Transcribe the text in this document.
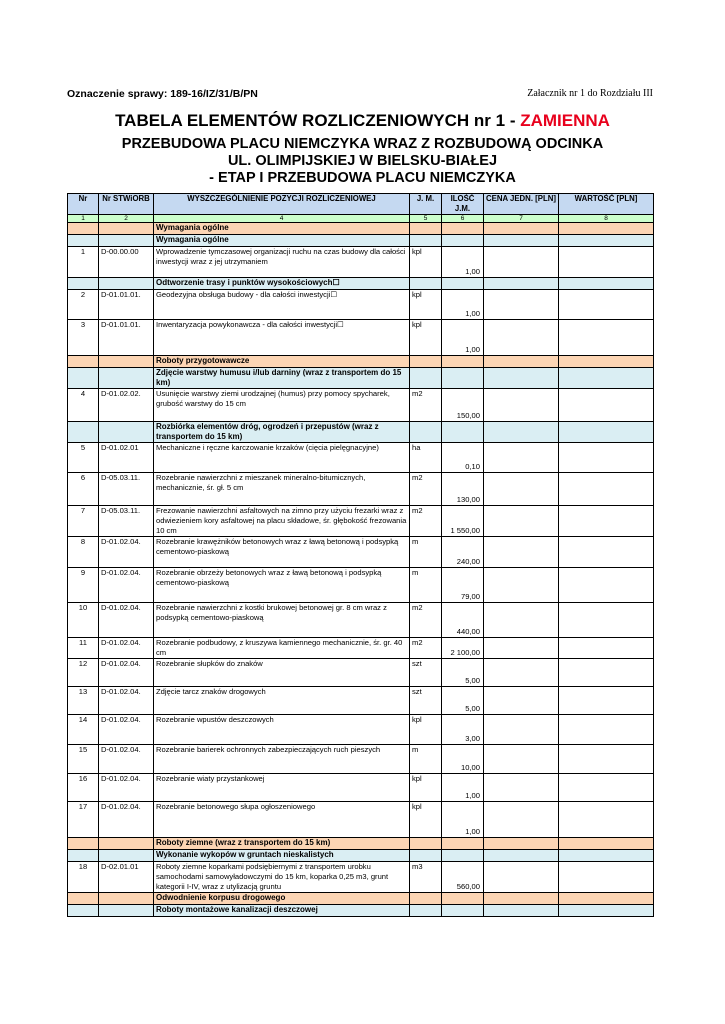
Oznaczenie sprawy: 189-16/IZ/31/B/PN	Załacznik nr 1 do Rozdziału III
TABELA ELEMENTÓW ROZLICZENIOWYCH nr 1 - ZAMIENNA
PRZEBUDOWA PLACU NIEMCZYKA WRAZ Z ROZBUDOWĄ ODCINKA
UL. OLIMPIJSKIEJ W BIELSKU-BIAŁEJ
- ETAP I PRZEBUDOWA PLACU NIEMCZYKA
Nr	Nr STWiORB	WYSZCZEGÓLNIENIE POZYCJI ROZLICZENIOWEJ	J. M.	ILOŚĆ J.M.	CENA JEDN. [PLN]	WARTOŚĆ [PLN]
1	2	4	5	6	7	8
		Wymagania ogólne				
		Wymagania ogólne				
1	D-00.00.00	Wprowadzenie tymczasowej organizacji ruchu na czas budowy dla całości inwestycji wraz z jej utrzymaniem	kpl	1,00		
		Odtworzenie trasy i punktów wysokościowych☐				
2	D-01.01.01.	Geodezyjna obsługa budowy - dla całości inwestycji☐	kpl	1,00		
3	D-01.01.01.	Inwentaryzacja powykonawcza - dla całości inwestycji☐	kpl	1,00		
		Roboty przygotowawcze				
		Zdjęcie warstwy humusu i/lub darniny (wraz z transportem do 15 km)				
4	D-01.02.02.	Usunięcie warstwy ziemi urodzajnej (humus) przy pomocy spycharek, grubość warstwy do 15 cm	m2	150,00		
		Rozbiórka elementów dróg, ogrodzeń i przepustów (wraz z transportem do 15 km)				
5	D-01.02.01	Mechaniczne i ręczne karczowanie krzaków (cięcia pielęgnacyjne)	ha	0,10		
6	D-05.03.11.	Rozebranie nawierzchni z mieszanek mineralno-bitumicznych, mechanicznie, śr. gł. 5 cm	m2	130,00		
7	D-05.03.11.	Frezowanie nawierzchni asfaltowych na zimno przy użyciu frezarki wraz z odwiezieniem kory asfaltowej na placu składowe, śr. głębokość frezowania 10 cm	m2	1 550,00		
8	D-01.02.04.	Rozebranie krawężników betonowych wraz z ławą betonową i podsypką cementowo-piaskową	m	240,00		
9	D-01.02.04.	Rozebranie obrzeży betonowych wraz z ławą betonową i podsypką cementowo-piaskową	m	79,00		
10	D-01.02.04.	Rozebranie nawierzchni z kostki brukowej betonowej gr. 8 cm wraz z podsypką cementowo-piaskową	m2	440,00		
11	D-01.02.04.	Rozebranie podbudowy, z kruszywa kamiennego mechanicznie, śr. gr. 40 cm	m2	2 100,00		
12	D-01.02.04.	Rozebranie słupków do znaków	szt	5,00		
13	D-01.02.04.	Zdjęcie tarcz znaków drogowych	szt	5,00		
14	D-01.02.04.	Rozebranie wpustów deszczowych	kpl	3,00		
15	D-01.02.04.	Rozebranie barierek ochronnych zabezpieczających ruch pieszych	m	10,00		
16	D-01.02.04.	Rozebranie wiaty przystankowej	kpl	1,00		
17	D-01.02.04.	Rozebranie betonowego słupa ogłoszeniowego	kpl	1,00		
		Roboty ziemne (wraz z transportem do 15 km)				
		Wykonanie wykopów w gruntach nieskalistych				
18	D-02.01.01	Roboty ziemne koparkami podsiębiernymi z transportem urobku samochodami samowyładowczymi do 15 km, koparka 0,25 m3, grunt kategorii I-IV, wraz z utylizacją gruntu	m3	560,00		
		Odwodnienie korpusu drogowego				
		Roboty montażowe kanalizacji deszczowej				
